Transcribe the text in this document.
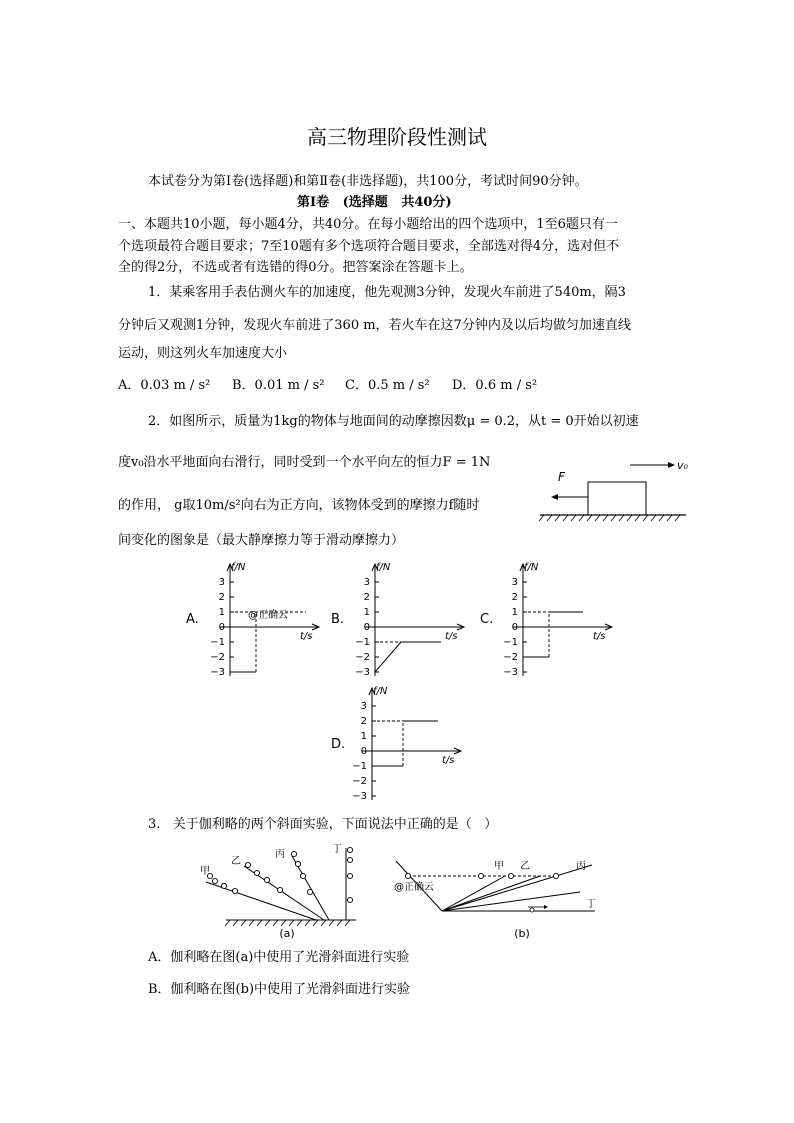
高三物理阶段性测试
本试卷分为第Ⅰ卷(选择题)和第Ⅱ卷(非选择题)，共100分，考试时间90分钟。
第Ⅰ卷   (选择题   共40分)
一、本题共10小题，每小题4分，共40分。在每小题给出的四个选项中，1至6题只有一
个选项最符合题目要求；7至10题有多个选项符合题目要求，全部选对得4分，选对但不
全的得2分，不选或者有选错的得0分。把答案涂在答题卡上。
1．某乘客用手表估测火车的加速度，他先观测3分钟，发现火车前进了540m，隔3
分钟后又观测1分钟，发现火车前进了360 m，若火车在这7分钟内及以后均做匀加速直线
运动，则这列火车加速度大小
A．0.03 m / s² B．0.01 m / s² C．0.5 m / s² D．0.6 m / s²
2．如图所示，质量为1kg的物体与地面间的动摩擦因数μ = 0.2，从t = 0开始以初速
度v₀沿水平地面向右滑行，同时受到一个水平向左的恒力F = 1N
的作用， g取10m/s²向右为正方向，该物体受到的摩擦力f随时
间变化的图象是（最大静摩擦力等于滑动摩擦力）
v₀
F
A.	B.	C.
D.
f/N
t/s
3
2
1
0
−1
−2
−3
@正确云
f/N
t/s
3
2
1
0
−1
−2
−3
f/N
t/s
3
2
1
0
−1
−2
−3
f/N
t/s
3
2
1
0
−1
−2
−3
3.   关于伽利略的两个斜面实验，下面说法中正确的是（   ）
甲
乙
丙	丁
(a)
甲 乙	丙
丁
@正确云
(b)
A．伽利略在图(a)中使用了光滑斜面进行实验
B．伽利略在图(b)中使用了光滑斜面进行实验
